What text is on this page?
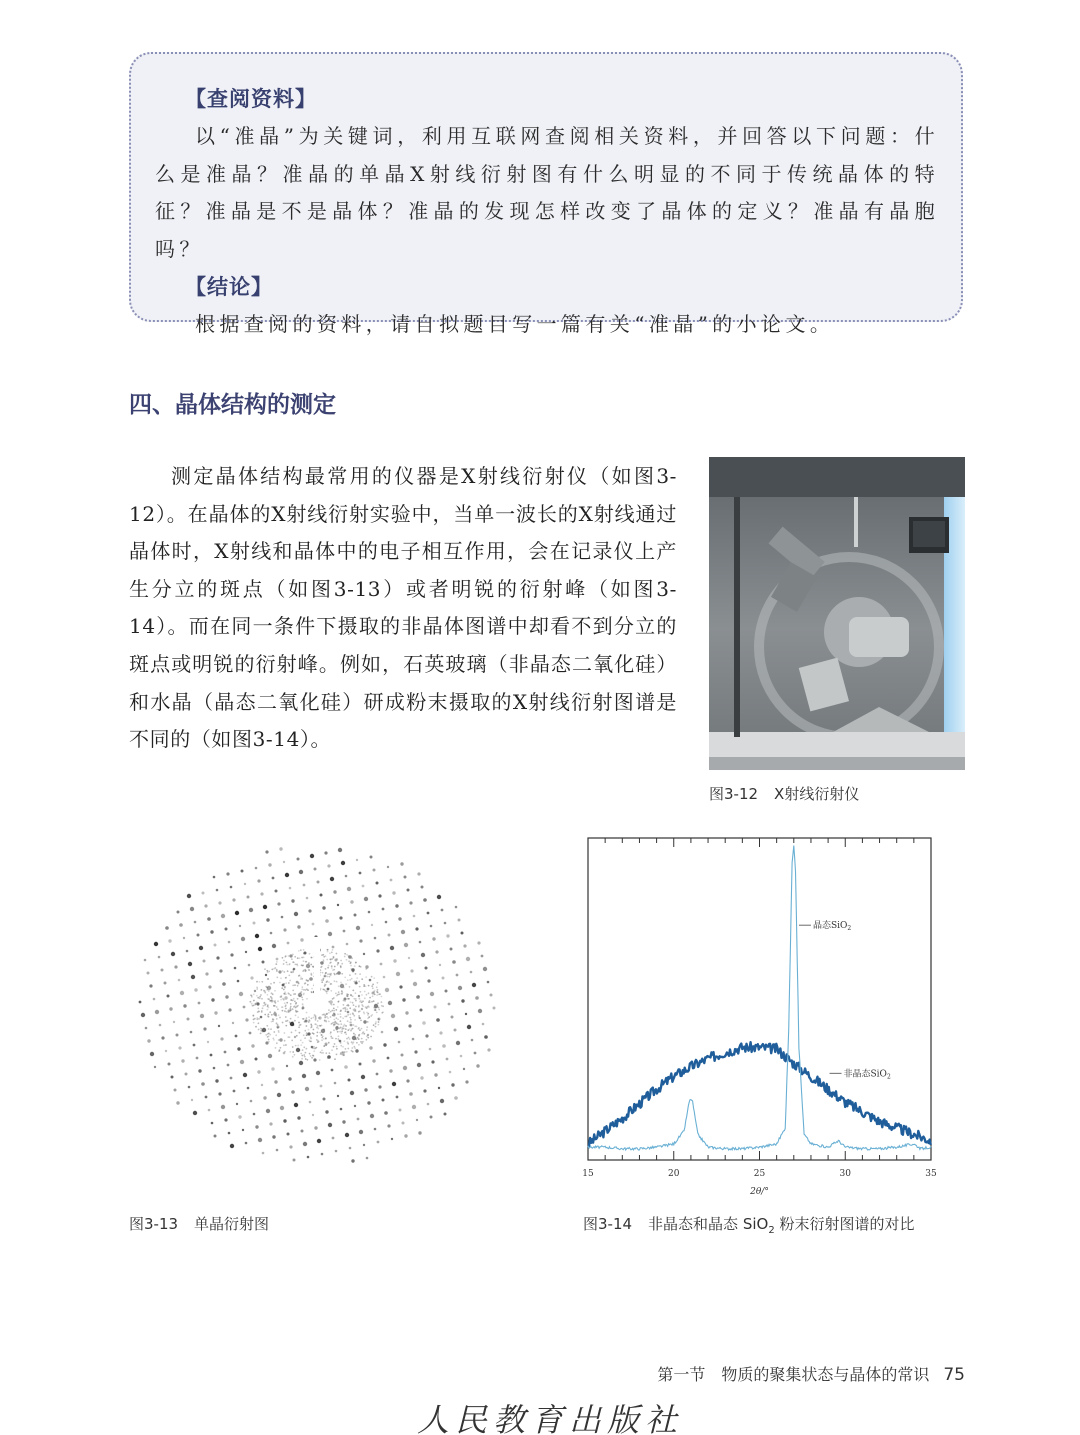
【查阅资料】

以“准晶”为关键词，利用互联网查阅相关资料，并回答以下问题：什么是准晶？准晶的单晶X射线衍射图有什么明显的不同于传统晶体的特征？准晶是不是晶体？准晶的发现怎样改变了晶体的定义？准晶有晶胞吗？

【结论】

根据查阅的资料，请自拟题目写一篇有关“准晶”的小论文。

四、晶体结构的测定

测定晶体结构最常用的仪器是X射线衍射仪（如图3-12）。在晶体的X射线衍射实验中，当单一波长的X射线通过晶体时，X射线和晶体中的电子相互作用，会在记录仪上产生分立的斑点（如图3-13）或者明锐的衍射峰（如图3-14）。而在同一条件下摄取的非晶体图谱中却看不到分立的斑点或明锐的衍射峰。例如，石英玻璃（非晶态二氧化硅）和水晶（晶态二氧化硅）研成粉末摄取的X射线衍射图谱是不同的（如图3-14）。

图3-12 X射线衍射仪
图3-13 单晶衍射图
15	20	25	30	35
2θ/°
晶态SiO$_2$
非晶态SiO$_2$
图3-14 非晶态和晶态 SiO$_2$ 粉末衍射图谱的对比
第一节　物质的聚集状态与晶体的常识 75
人民教育出版社
